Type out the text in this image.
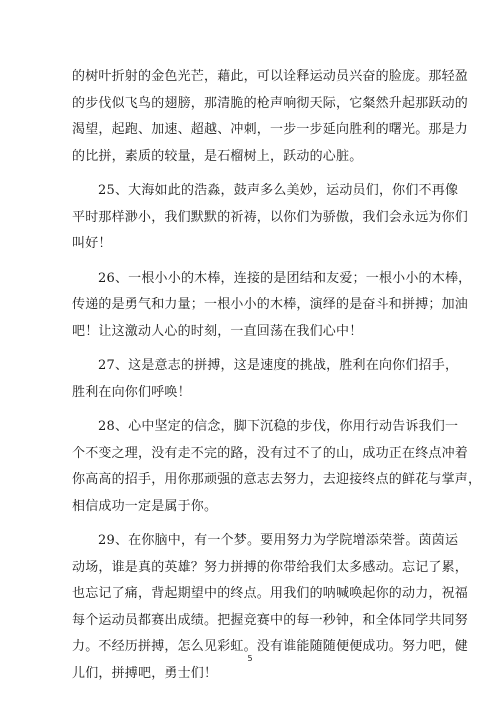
的树叶折射的金色光芒，藉此，可以诠释运动员兴奋的脸庞。那轻盈
的步伐似飞鸟的翅膀，那清脆的枪声响彻天际，它粲然升起那跃动的
渴望，起跑、加速、超越、冲刺，一步一步延向胜利的曙光。那是力
的比拼，素质的较量，是石榴树上，跃动的心脏。

25、大海如此的浩淼，鼓声多么美妙，运动员们，你们不再像
平时那样渺小，我们默默的祈祷，以你们为骄傲，我们会永远为你们
叫好！

26、一根小小的木棒，连接的是团结和友爱；一根小小的木棒，
传递的是勇气和力量；一根小小的木棒，演绎的是奋斗和拼搏；加油
吧！让这激动人心的时刻，一直回荡在我们心中！

27、这是意志的拼搏，这是速度的挑战，胜利在向你们招手，
胜利在向你们呼唤！

28、心中坚定的信念，脚下沉稳的步伐，你用行动告诉我们一
个不变之理，没有走不完的路，没有过不了的山，成功正在终点冲着
你高高的招手，用你那顽强的意志去努力，去迎接终点的鲜花与掌声，
相信成功一定是属于你。

29、在你脑中，有一个梦。要用努力为学院增添荣誉。茵茵运
动场，谁是真的英雄？努力拼搏的你带给我们太多感动。忘记了累，
也忘记了痛，背起期望中的终点。用我们的呐喊唤起你的动力，祝福
每个运动员都赛出成绩。把握竞赛中的每一秒钟，和全体同学共同努
力。不经历拼搏，怎么见彩虹。没有谁能随随便便成功。努力吧，健
儿们，拼搏吧，勇士们！

5
